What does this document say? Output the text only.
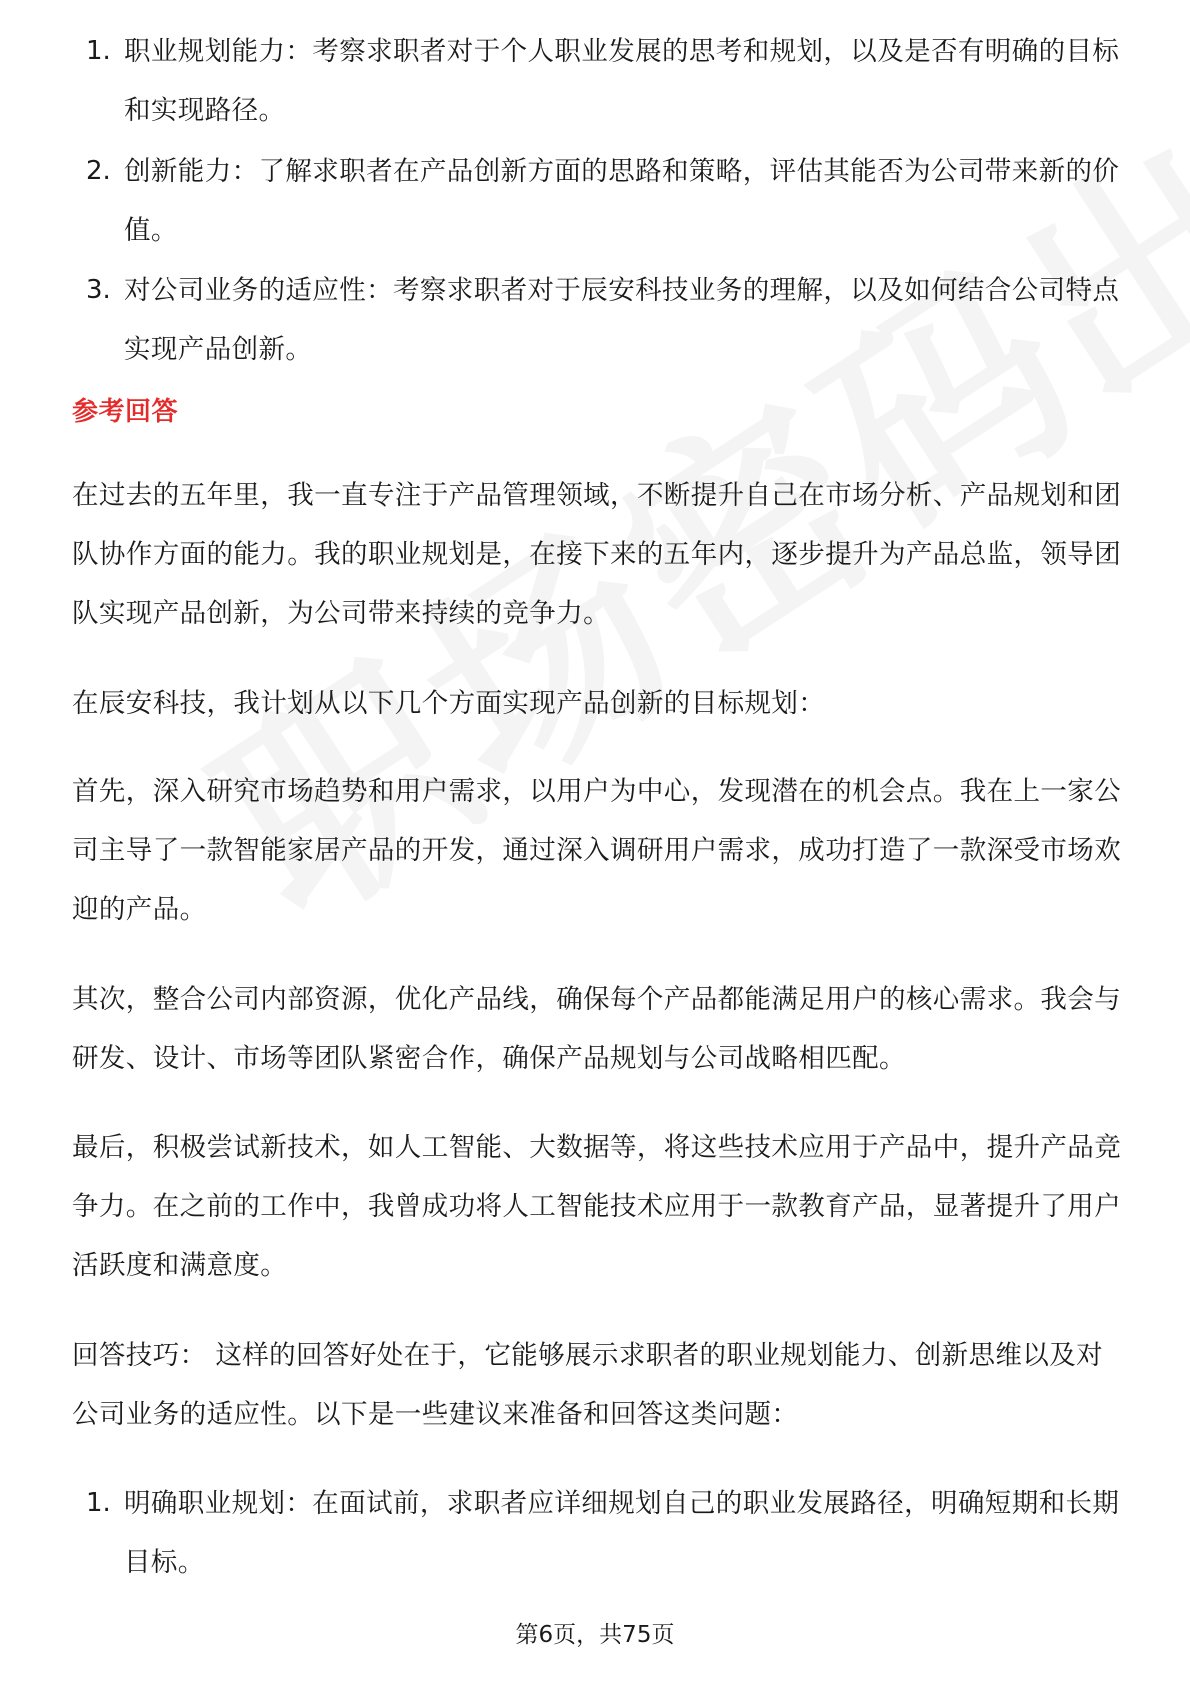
1. 职业规划能力：考察求职者对于个人职业发展的思考和规划，以及是否有明确的目标和实现路径。
2. 创新能力：了解求职者在产品创新方面的思路和策略，评估其能否为公司带来新的价值。
3. 对公司业务的适应性：考察求职者对于辰安科技业务的理解，以及如何结合公司特点实现产品创新。
参考回答
在过去的五年里，我一直专注于产品管理领域，不断提升自己在市场分析、产品规划和团队协作方面的能力。我的职业规划是，在接下来的五年内，逐步提升为产品总监，领导团队实现产品创新，为公司带来持续的竞争力。
在辰安科技，我计划从以下几个方面实现产品创新的目标规划：
首先，深入研究市场趋势和用户需求，以用户为中心，发现潜在的机会点。我在上一家公司主导了一款智能家居产品的开发，通过深入调研用户需求，成功打造了一款深受市场欢迎的产品。
其次，整合公司内部资源，优化产品线，确保每个产品都能满足用户的核心需求。我会与研发、设计、市场等团队紧密合作，确保产品规划与公司战略相匹配。
最后，积极尝试新技术，如人工智能、大数据等，将这些技术应用于产品中，提升产品竞争力。在之前的工作中，我曾成功将人工智能技术应用于一款教育产品，显著提升了用户活跃度和满意度。
回答技巧： 这样的回答好处在于，它能够展示求职者的职业规划能力、创新思维以及对公司业务的适应性。以下是一些建议来准备和回答这类问题：
1. 明确职业规划：在面试前，求职者应详细规划自己的职业发展路径，明确短期和长期目标。
第6页，共75页
